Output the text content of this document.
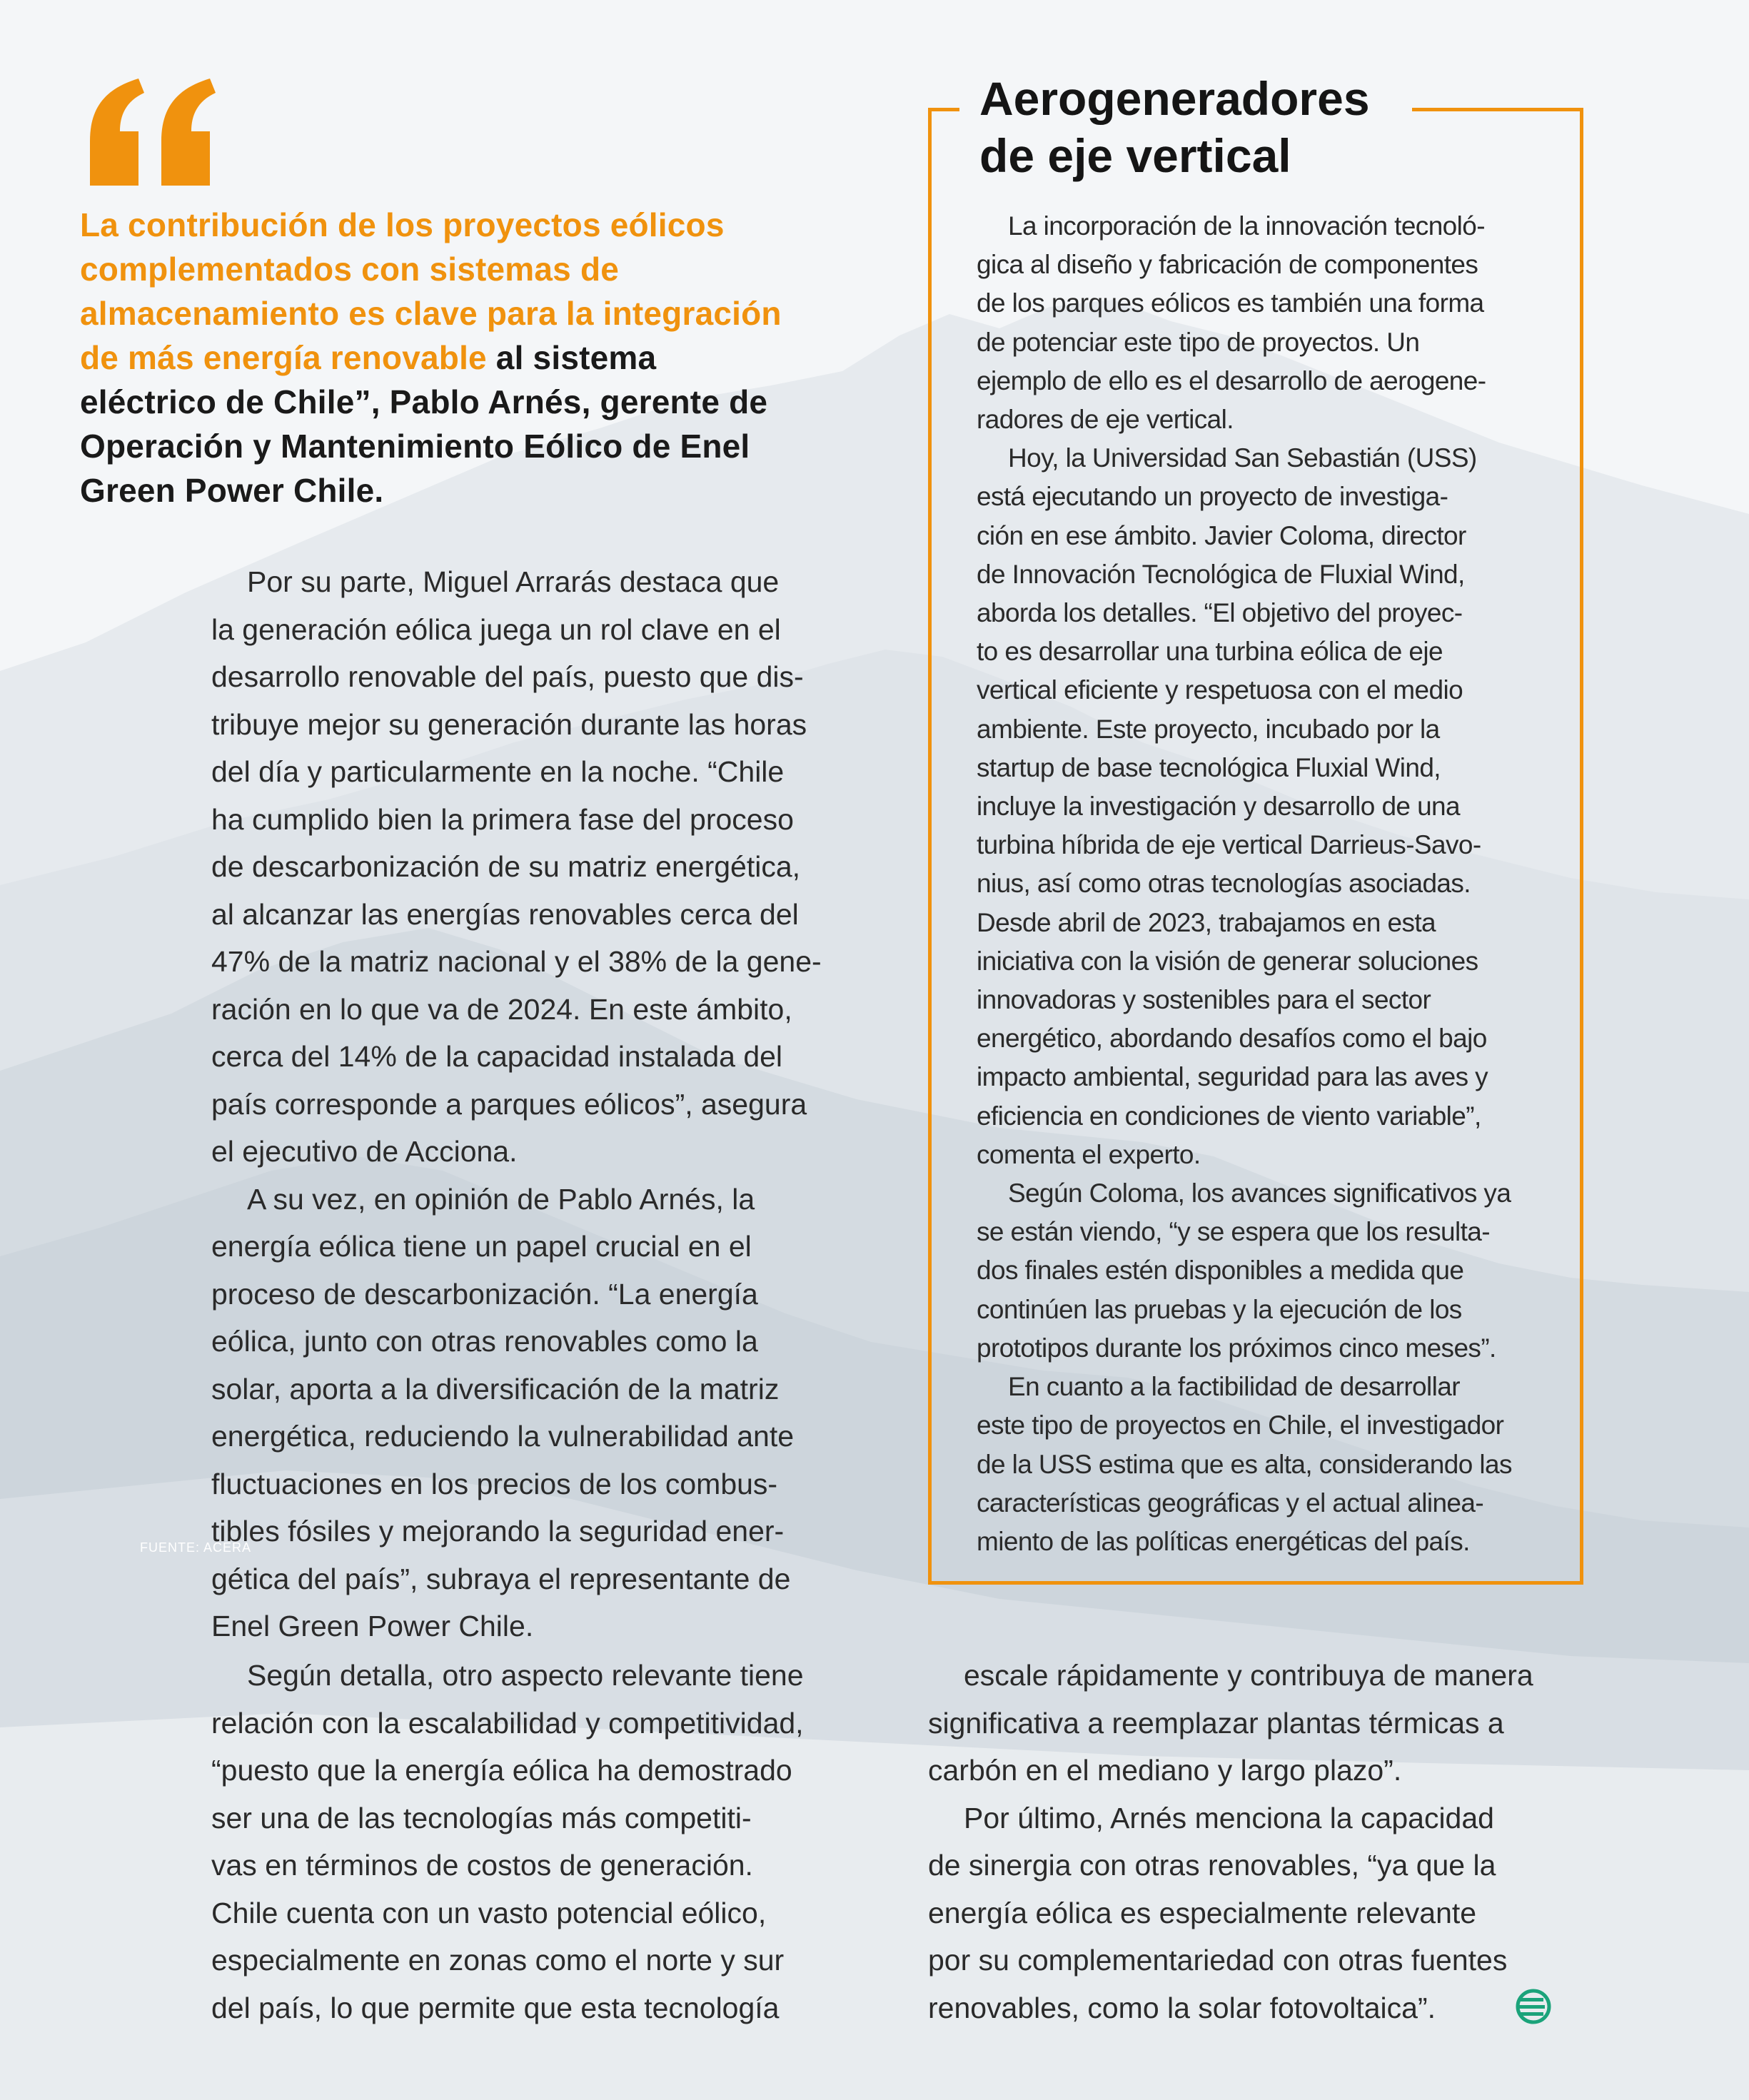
La contribución de los proyectos eólicos
complementados con sistemas de
almacenamiento es clave para la integración
de más energía renovable al sistema
eléctrico de Chile”, Pablo Arnés, gerente de
Operación y Mantenimiento Eólico de Enel
Green Power Chile.
Aerogeneradores
de eje vertical

La incorporación de la innovación tecnoló-
gica al diseño y fabricación de componentes
de los parques eólicos es también una forma
de potenciar este tipo de proyectos. Un
ejemplo de ello es el desarrollo de aerogene-
radores de eje vertical.

Hoy, la Universidad San Sebastián (USS)
está ejecutando un proyecto de investiga-
ción en ese ámbito. Javier Coloma, director
de Innovación Tecnológica de Fluxial Wind,
aborda los detalles. “El objetivo del proyec-
to es desarrollar una turbina eólica de eje
vertical eficiente y respetuosa con el medio
ambiente. Este proyecto, incubado por la
startup de base tecnológica Fluxial Wind,
incluye la investigación y desarrollo de una
turbina híbrida de eje vertical Darrieus-Savo-
nius, así como otras tecnologías asociadas.
Desde abril de 2023, trabajamos en esta
iniciativa con la visión de generar soluciones
innovadoras y sostenibles para el sector
energético, abordando desafíos como el bajo
impacto ambiental, seguridad para las aves y
eficiencia en condiciones de viento variable”,
comenta el experto.

Según Coloma, los avances significativos ya
se están viendo, “y se espera que los resulta-
dos finales estén disponibles a medida que
continúen las pruebas y la ejecución de los
prototipos durante los próximos cinco meses”.

En cuanto a la factibilidad de desarrollar
este tipo de proyectos en Chile, el investigador
de la USS estima que es alta, considerando las
características geográficas y el actual alinea-
miento de las políticas energéticas del país.

Por su parte, Miguel Arrarás destaca que
la generación eólica juega un rol clave en el
desarrollo renovable del país, puesto que dis-
tribuye mejor su generación durante las horas
del día y particularmente en la noche. “Chile
ha cumplido bien la primera fase del proceso
de descarbonización de su matriz energética,
al alcanzar las energías renovables cerca del
47% de la matriz nacional y el 38% de la gene-
ración en lo que va de 2024. En este ámbito,
cerca del 14% de la capacidad instalada del
país corresponde a parques eólicos”, asegura
el ejecutivo de Acciona.

A su vez, en opinión de Pablo Arnés, la
energía eólica tiene un papel crucial en el
proceso de descarbonización. “La energía
eólica, junto con otras renovables como la
solar, aporta a la diversificación de la matriz
energética, reduciendo la vulnerabilidad ante
fluctuaciones en los precios de los combus-
tibles fósiles y mejorando la seguridad ener-
gética del país”, subraya el representante de
Enel Green Power Chile.

Según detalla, otro aspecto relevante tiene
relación con la escalabilidad y competitividad,
“puesto que la energía eólica ha demostrado
ser una de las tecnologías más competiti-
vas en términos de costos de generación.
Chile cuenta con un vasto potencial eólico,
especialmente en zonas como el norte y sur
del país, lo que permite que esta tecnología

escale rápidamente y contribuya de manera
significativa a reemplazar plantas térmicas a
carbón en el mediano y largo plazo”.

Por último, Arnés menciona la capacidad
de sinergia con otras renovables, “ya que la
energía eólica es especialmente relevante
por su complementariedad con otras fuentes
renovables, como la solar fotovoltaica”.

FUENTE: ACERA
